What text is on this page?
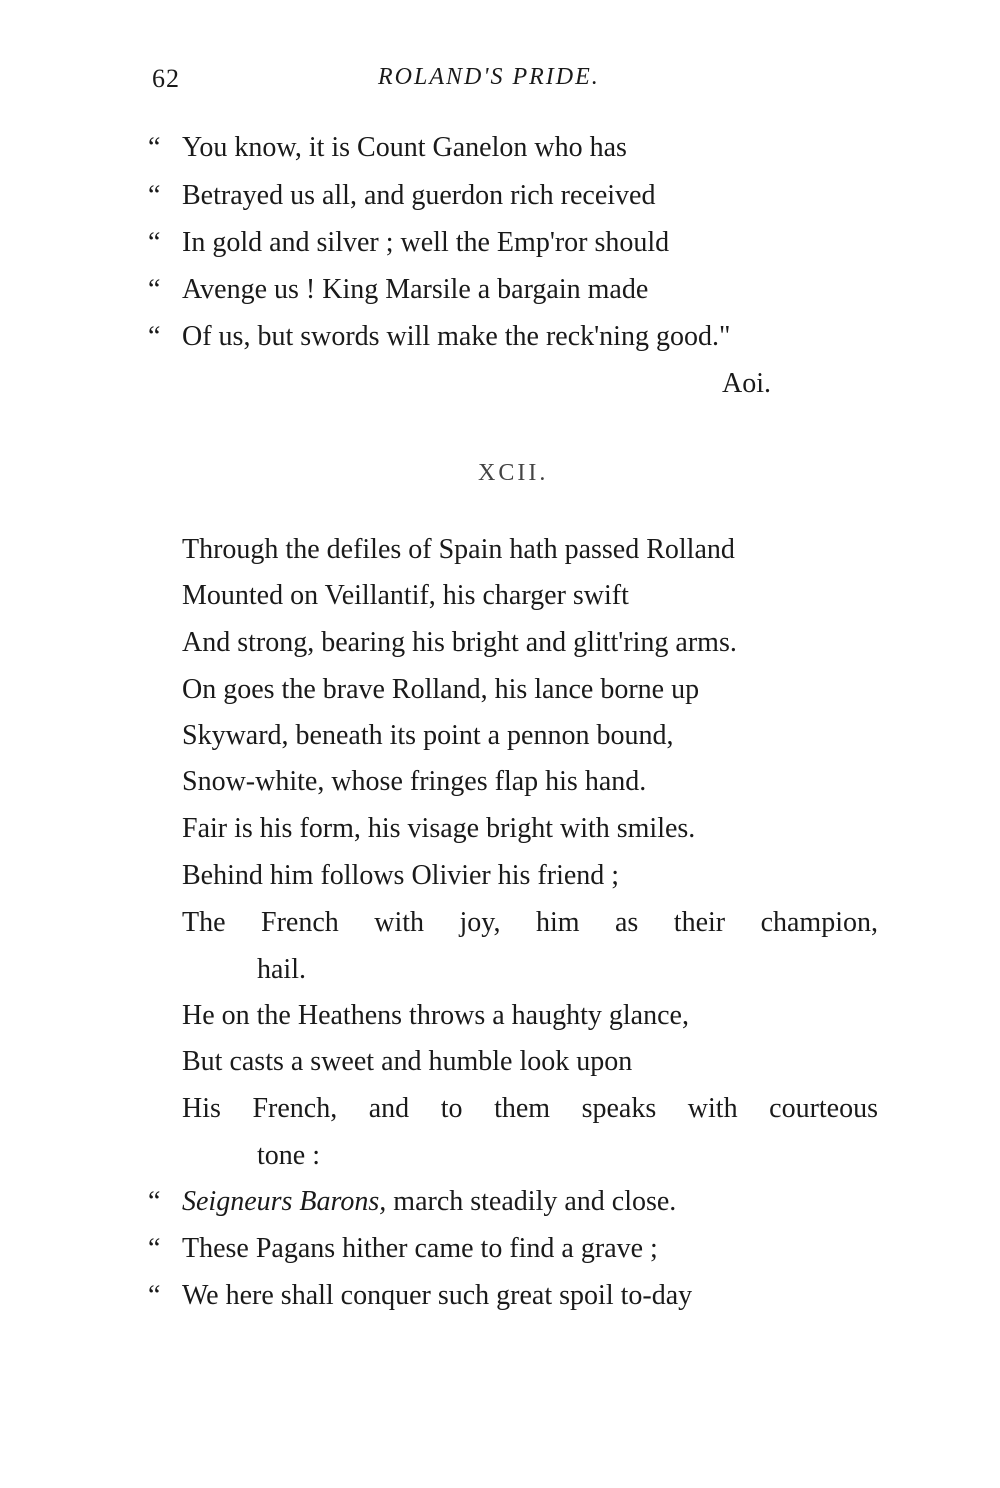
62	ROLAND'S PRIDE.
“ You know, it is Count Ganelon who has
“ Betrayed us all, and guerdon rich received
“ In gold and silver ; well the Emp'ror should
“ Avenge us ! King Marsile a bargain made
“ Of us, but swords will make the reck'ning good."
Aoi.
XCII.
Through the defiles of Spain hath passed Rolland
Mounted on Veillantif, his charger swift
And strong, bearing his bright and glitt'ring arms.
On goes the brave Rolland, his lance borne up
Skyward, beneath its point a pennon bound,
Snow-white, whose fringes flap his hand.
Fair is his form, his visage bright with smiles.
Behind him follows Olivier his friend ;
The French with joy, him as their champion,
hail.
He on the Heathens throws a haughty glance,
But casts a sweet and humble look upon
His French, and to them speaks with courteous
tone :
“ Seigneurs Barons, march steadily and close.
“ These Pagans hither came to find a grave ;
“ We here shall conquer such great spoil to-day
